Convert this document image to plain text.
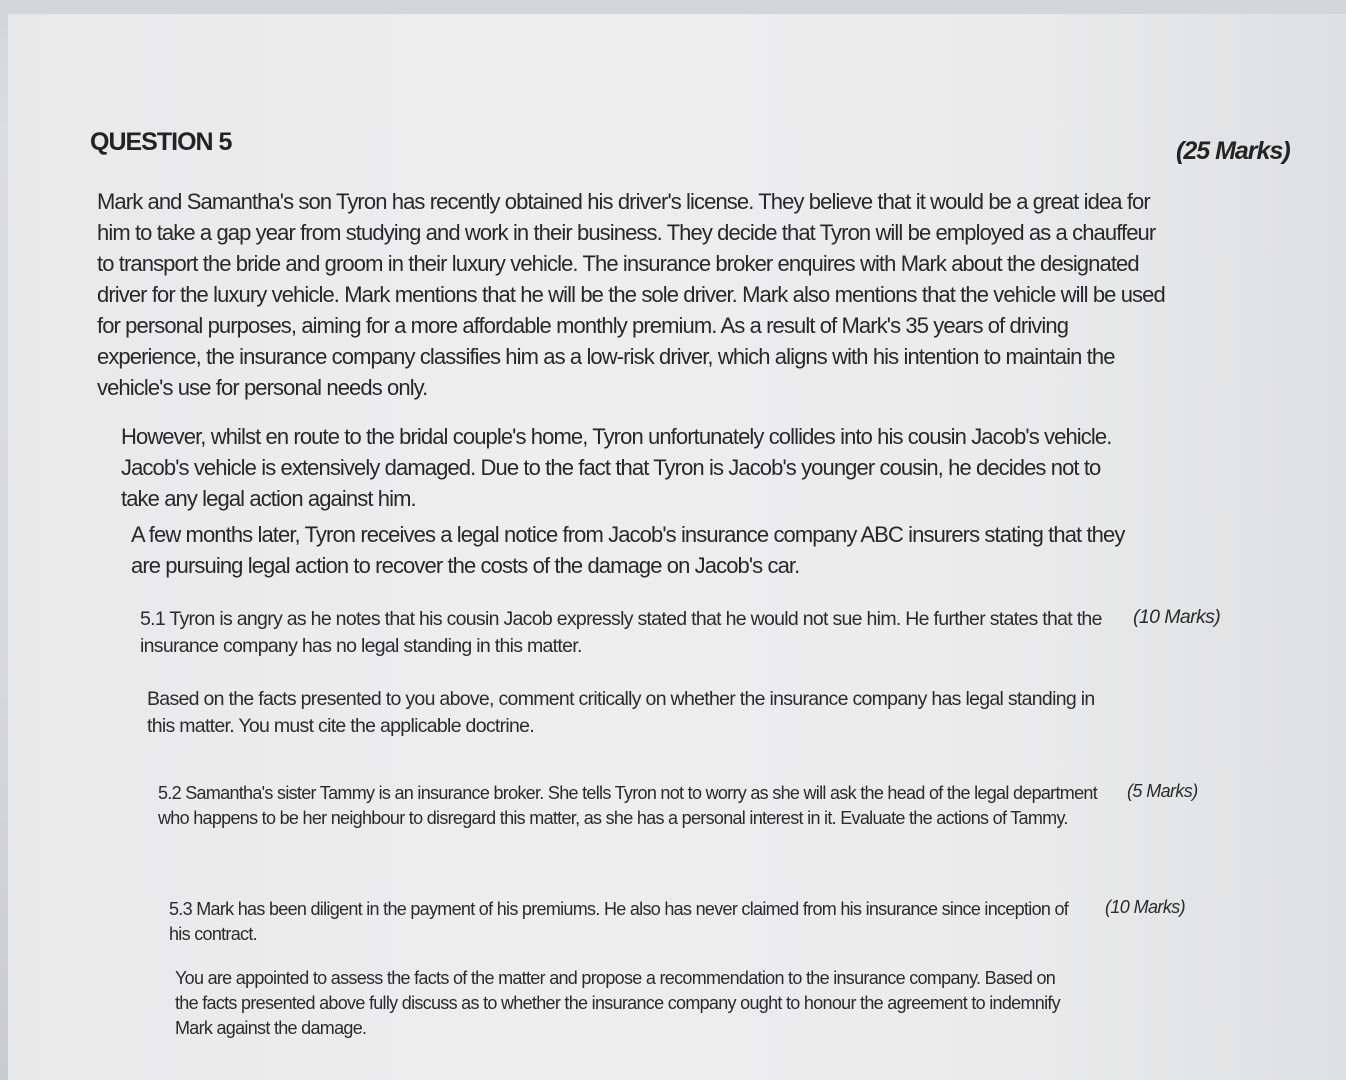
QUESTION 5	(25 Marks)

Mark and Samantha's son Tyron has recently obtained his driver's license. They believe that it would be a great idea for him to take a gap year from studying and work in their business. They decide that Tyron will be employed as a chauffeur to transport the bride and groom in their luxury vehicle. The insurance broker enquires with Mark about the designated driver for the luxury vehicle. Mark mentions that he will be the sole driver. Mark also mentions that the vehicle will be used for personal purposes, aiming for a more affordable monthly premium. As a result of Mark's 35 years of driving experience, the insurance company classifies him as a low-risk driver, which aligns with his intention to maintain the vehicle's use for personal needs only.

However, whilst en route to the bridal couple's home, Tyron unfortunately collides into his cousin Jacob's vehicle. Jacob's vehicle is extensively damaged. Due to the fact that Tyron is Jacob's younger cousin, he decides not to take any legal action against him.

A few months later, Tyron receives a legal notice from Jacob's insurance company ABC insurers stating that they are pursuing legal action to recover the costs of the damage on Jacob's car.

5.1 Tyron is angry as he notes that his cousin Jacob expressly stated that he would not sue him. He further states that the insurance company has no legal standing in this matter.

(10 Marks)

Based on the facts presented to you above, comment critically on whether the insurance company has legal standing in this matter. You must cite the applicable doctrine.

5.2 Samantha's sister Tammy is an insurance broker. She tells Tyron not to worry as she will ask the head of the legal department who happens to be her neighbour to disregard this matter, as she has a personal interest in it. Evaluate the actions of Tammy.

(5 Marks)

5.3 Mark has been diligent in the payment of his premiums. He also has never claimed from his insurance since inception of his contract.

(10 Marks)

You are appointed to assess the facts of the matter and propose a recommendation to the insurance company. Based on the facts presented above fully discuss as to whether the insurance company ought to honour the agreement to indemnify Mark against the damage.
